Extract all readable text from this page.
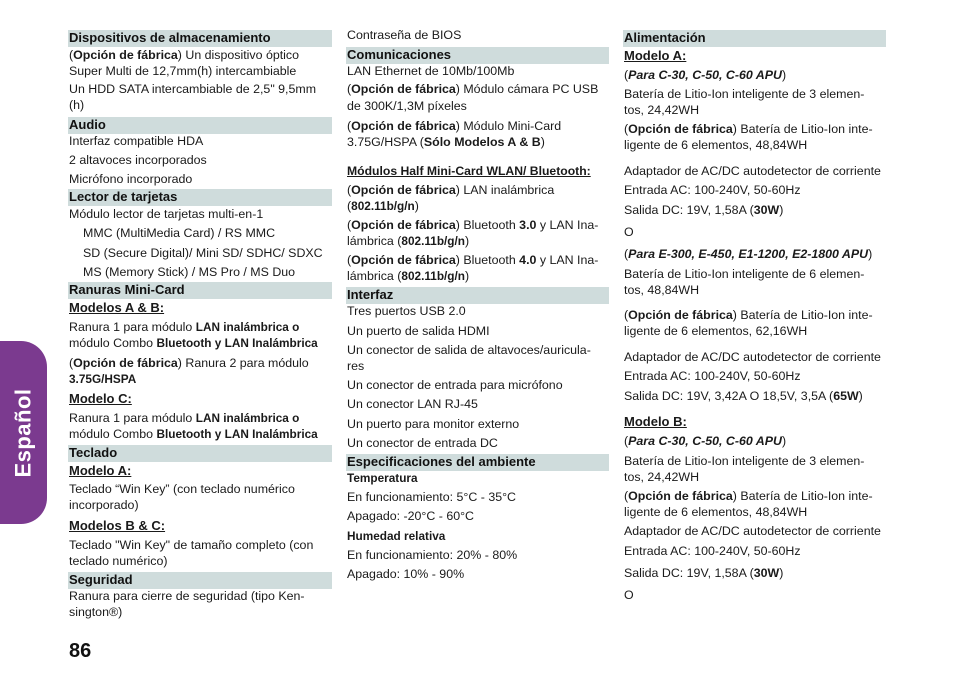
Español
86
Dispositivos de almacenamiento
(Opción de fábrica) Un dispositivo óptico
Super Multi de 12,7mm(h) intercambiable
Un HDD SATA intercambiable de 2,5" 9,5mm
(h)
Audio
Interfaz compatible HDA
2 altavoces incorporados
Micrófono incorporado
Lector de tarjetas
Módulo lector de tarjetas multi-en-1
MMC (MultiMedia Card) / RS MMC
SD (Secure Digital)/ Mini SD/ SDHC/ SDXC
MS (Memory Stick) / MS Pro / MS Duo
Ranuras Mini-Card
Modelos A & B:
Ranura 1 para módulo LAN inalámbrica o
módulo Combo Bluetooth y LAN Inalámbrica
(Opción de fábrica) Ranura 2 para módulo
3.75G/HSPA
Modelo C:
Ranura 1 para módulo LAN inalámbrica o
módulo Combo Bluetooth y LAN Inalámbrica
Teclado
Modelo A:
Teclado “Win Key” (con teclado numérico
incorporado)
Modelos B & C:
Teclado "Win Key" de tamaño completo (con
teclado numérico)
Seguridad
Ranura para cierre de seguridad (tipo Ken-
sington®)
Contraseña de BIOS
Comunicaciones
LAN Ethernet de 10Mb/100Mb
(Opción de fábrica) Módulo cámara PC USB
de 300K/1,3M píxeles
(Opción de fábrica) Módulo Mini-Card
3.75G/HSPA (Sólo Modelos A & B)
Módulos Half Mini-Card WLAN/ Bluetooth:
(Opción de fábrica) LAN inalámbrica
(802.11b/g/n)
(Opción de fábrica) Bluetooth 3.0 y LAN Ina-
lámbrica (802.11b/g/n)
(Opción de fábrica) Bluetooth 4.0 y LAN Ina-
lámbrica (802.11b/g/n)
Interfaz
Tres puertos USB 2.0
Un puerto de salida HDMI
Un conector de salida de altavoces/auricula-
res
Un conector de entrada para micrófono
Un conector LAN RJ-45
Un puerto para monitor externo
Un conector de entrada DC
Especificaciones del ambiente
Temperatura
En funcionamiento: 5°C - 35°C
Apagado: -20°C - 60°C
Humedad relativa
En funcionamiento: 20% - 80%
Apagado: 10% - 90%
Alimentación
Modelo A:
(Para C-30, C-50, C-60 APU)
Batería de Litio-Ion inteligente de 3 elemen-
tos, 24,42WH
(Opción de fábrica) Batería de Litio-Ion inte-
ligente de 6 elementos, 48,84WH
Adaptador de AC/DC autodetector de corriente
Entrada AC: 100-240V, 50-60Hz
Salida DC: 19V, 1,58A (30W)
O
(Para E-300, E-450, E1-1200, E2-1800 APU)
Batería de Litio-Ion inteligente de 6 elemen-
tos, 48,84WH
(Opción de fábrica) Batería de Litio-Ion inte-
ligente de 6 elementos, 62,16WH
Adaptador de AC/DC autodetector de corriente
Entrada AC: 100-240V, 50-60Hz
Salida DC: 19V, 3,42A O 18,5V, 3,5A (65W)
Modelo B:
(Para C-30, C-50, C-60 APU)
Batería de Litio-Ion inteligente de 3 elemen-
tos, 24,42WH
(Opción de fábrica) Batería de Litio-Ion inte-
ligente de 6 elementos, 48,84WH
Adaptador de AC/DC autodetector de corriente
Entrada AC: 100-240V, 50-60Hz
Salida DC: 19V, 1,58A (30W)
O
